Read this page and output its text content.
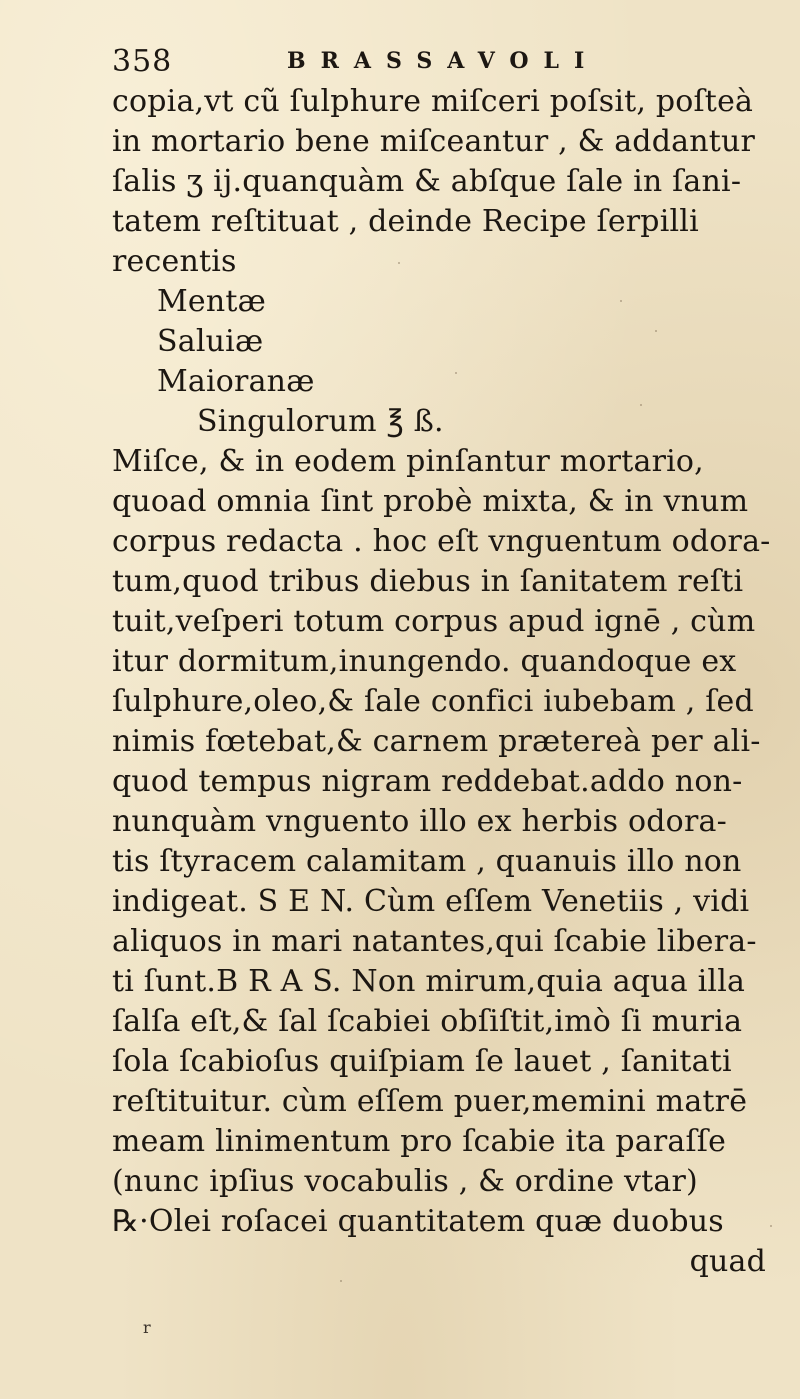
358	BRASSAVOLI
copia,vt cũ ſulphure miſceri poſsit, poſteà
in mortario bene miſceantur , & addantur
ſalis ʒ ij.quanquàm & abſque ſale in ſani-
tatem reſtituat , deinde Recipe ſerpilli
recentis
Mentæ
Saluiæ
Maioranæ
Singulorum ℥ ß.
Miſce, & in eodem pinſantur mortario,
quoad omnia ſint probè mixta, & in vnum
corpus redacta . hoc eſt vnguentum odora-
tum,quod tribus diebus in ſanitatem reſti
tuit,veſperi totum corpus apud ignē , cùm
itur dormitum,inungendo. quandoque ex
ſulphure,oleo,& ſale confici iubebam , ſed
nimis fœtebat,& carnem prætereà per ali-
quod tempus nigram reddebat.addo non-
nunquàm vnguento illo ex herbis odora-
tis ſtyracem calamitam , quanuis illo non
indigeat. S E N. Cùm eſſem Venetiis , vidi
aliquos in mari natantes,qui ſcabie libera-
ti ſunt.B R A S. Non mirum,quia aqua illa
ſalſa eſt,& ſal ſcabiei obſiſtit,imò ſi muria
ſola ſcabioſus quiſpiam ſe lauet , ſanitati
reſtituitur. cùm eſſem puer,memini matrē
meam linimentum pro ſcabie ita paraſſe
(nunc ipſius vocabulis , & ordine vtar)
℞·Olei roſacei quantitatem quæ duobus
quad
r
